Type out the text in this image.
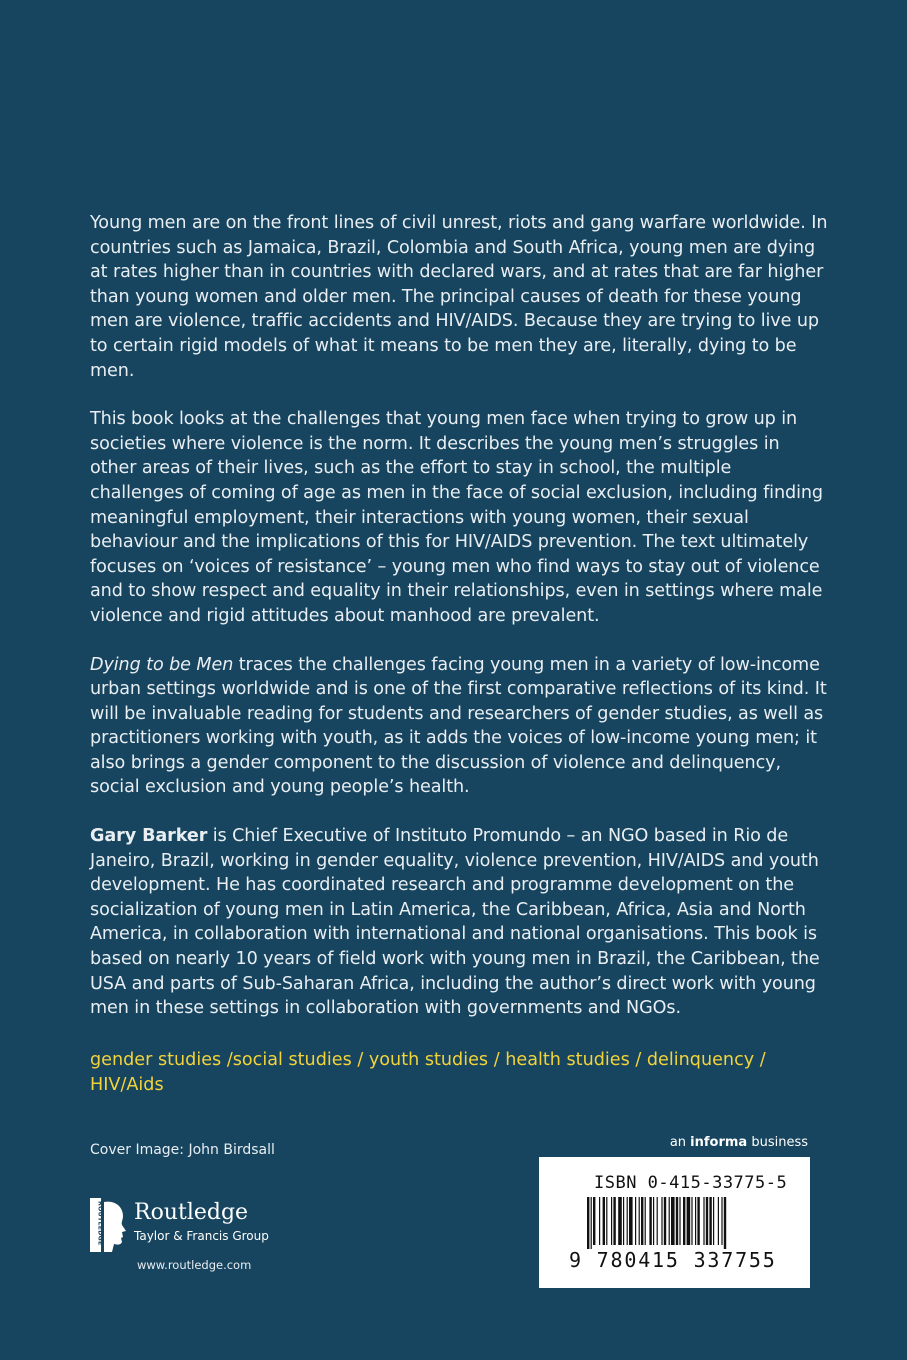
Young men are on the front lines of civil unrest, riots and gang warfare worldwide. In countries such as Jamaica, Brazil, Colombia and South Africa, young men are dying at rates higher than in countries with declared wars, and at rates that are far higher than young women and older men. The principal causes of death for these young men are violence, traffic accidents and HIV/AIDS. Because they are trying to live up to certain rigid models of what it means to be men they are, literally, dying to be men.

This book looks at the challenges that young men face when trying to grow up in societies where violence is the norm. It describes the young men’s struggles in other areas of their lives, such as the effort to stay in school, the multiple challenges of coming of age as men in the face of social exclusion, including finding meaningful employment, their interactions with young women, their sexual behaviour and the implications of this for HIV/AIDS prevention. The text ultimately focuses on ‘voices of resistance’ – young men who find ways to stay out of violence and to show respect and equality in their relationships, even in settings where male violence and rigid attitudes about manhood are prevalent.

Dying to be Men traces the challenges facing young men in a variety of low-income urban settings worldwide and is one of the first comparative reflections of its kind. It will be invaluable reading for students and researchers of gender studies, as well as practitioners working with youth, as it adds the voices of low-income young men; it also brings a gender component to the discussion of violence and delinquency, social exclusion and young people’s health.

Gary Barker is Chief Executive of Instituto Promundo – an NGO based in Rio de Janeiro, Brazil, working in gender equality, violence prevention, HIV/AIDS and youth development. He has coordinated research and programme development on the socialization of young men in Latin America, the Caribbean, Africa, Asia and North America, in collaboration with international and national organisations. This book is based on nearly 10 years of field work with young men in Brazil, the Caribbean, the USA and parts of Sub-Saharan Africa, including the author’s direct work with young men in these settings in collaboration with governments and NGOs.

gender studies /social studies / youth studies / health studies / delinquency / HIV/Aids

Cover Image: John Birdsall	an informa business

ISBN 0-415-33775-5

9 780415 337755

ROUTLEDGE Routledge

Taylor & Francis Group

www.routledge.com
